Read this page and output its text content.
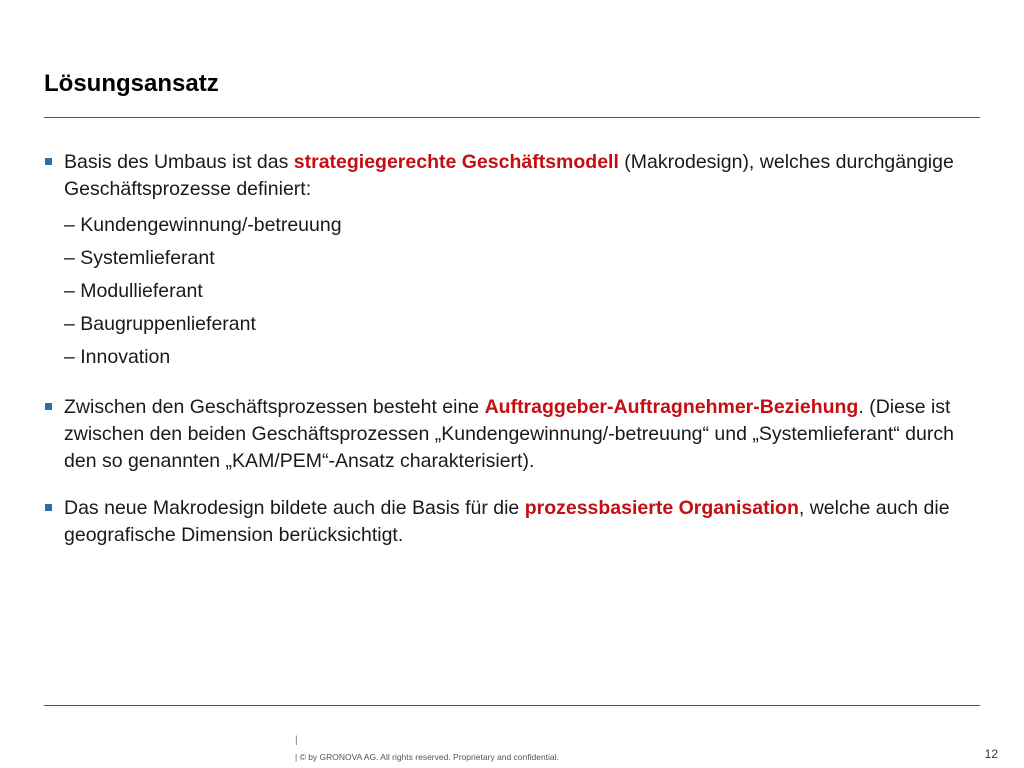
Lösungsansatz
Basis des Umbaus ist das strategiegerechte Geschäftsmodell (Makrodesign), welches durchgängige Geschäftsprozesse definiert:
– Kundengewinnung/-betreuung
– Systemlieferant
– Modullieferant
– Baugruppenlieferant
– Innovation
Zwischen den Geschäftsprozessen besteht eine Auftraggeber-Auftragnehmer-Beziehung. (Diese ist zwischen den beiden Geschäftsprozessen „Kundengewinnung/-betreuung“ und „Systemlieferant“ durch den so genannten „KAM/PEM“-Ansatz charakterisiert).
Das neue Makrodesign bildete auch die Basis für die prozessbasierte Organisation, welche auch die geografische Dimension berücksichtigt.
|
| © by GRONOVA AG. All rights reserved. Proprietary and confidential.	12
